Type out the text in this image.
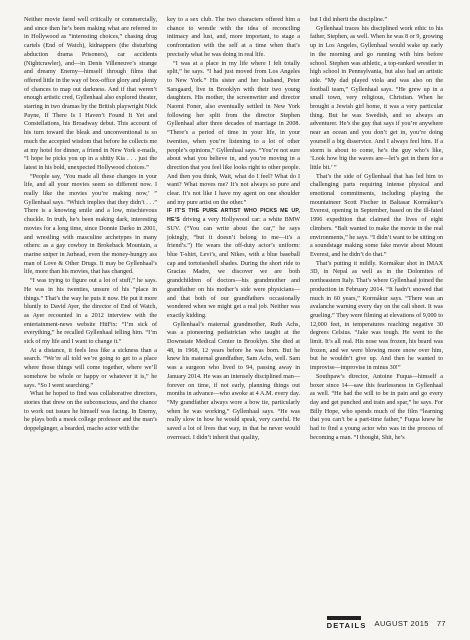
Neither movie fared well critically or commercially, and since then he’s been making what are referred to in Hollywood as “interesting choices,” chasing drug cartels (End of Watch), kidnappers (the disturbing abduction drama Prisoners), car accidents (Nightcrawler), and—in Denis Villeneuve’s strange and dreamy Enemy—himself through films that offered little in the way of box-office glory and plenty of chances to map out darkness. And if that weren’t enough artistic cred, Gyllenhaal also explored theater, starring in two dramas by the British playwright Nick Payne, If There Is I Haven’t Found It Yet and Constellations, his Broadway debut. This account of his turn toward the bleak and unconventional is so much the accepted wisdom that before he collects me at my hotel for dinner, a friend in New York e-mails, “I hope he picks you up in a shitty Kia . . . just the latest in his bold, unexpected Hollywood choices.”

“People say, ‘You made all these changes in your life, and all your movies seem so different now. I really like the movies you’re making now,’ ” Gyllenhaal says. “Which implies that they didn’t . . .” There is a knowing smile and a low, mischievous chuckle. In truth, he’s been making dark, interesting movies for a long time, since Donnie Darko in 2001, and wrestling with masculine archetypes in many others: as a gay cowboy in Brokeback Mountain, a marine sniper in Jarhead, even the money-hungry ass man of Love & Other Drugs. It may be Gyllenhaal’s life, more than his movies, that has changed.

“I was trying to figure out a lot of stuff,” he says. He was in his twenties, unsure of his “place in things.” That’s the way he puts it now. He put it more bluntly to David Ayer, the director of End of Watch, as Ayer recounted in a 2012 interview with the entertainment-news website HitFix: “I’m sick of everything,” he recalled Gyllenhaal telling him. “I’m sick of my life and I want to change it.”

At a distance, it feels less like a sickness than a search. “We’re all told we’re going to get to a place where those things will come together, where we’ll somehow be whole or happy or whatever it is,” he says. “So I went searching.”

What he hoped to find was collaborative directors, stories that drew on the subconscious, and the chance to work out issues he himself was facing. In Enemy, he plays both a meek college professor and the man’s doppelgänger, a bearded, macho actor with the

key to a sex club. The two characters offered him a chance to wrestle with the idea of reconciling intimacy and lust, and, more important, to stage a confrontation with the self at a time when that’s precisely what he was doing in real life.

“I was at a place in my life where I felt totally split,” he says. “I had just moved from Los Angeles to New York.” His sister and her husband, Peter Sarsgaard, live in Brooklyn with their two young daughters. His mother, the screenwriter and director Naomi Foner, also eventually settled in New York following her split from the director Stephen Gyllenhaal after three decades of marriage in 2008. “There’s a period of time in your life, in your twenties, when you’re listening to a lot of other people’s opinions,” Gyllenhaal says. “You’re not sure about what you believe in, and you’re moving in a direction that you feel like looks right to other people. And then you think, Wait, what do I feel? What do I want? What moves me? It’s not always so pure and clear. It’s not like I have my agent on one shoulder and my pure artist on the other.”

IF IT’S THE PURE ARTIST WHO PICKS ME UP, HE’S driving a very Hollywood car: a white BMW SUV. (“You can write about the car,” he says jokingly, “but it doesn’t belong to me—it’s a friend’s.”) He wears the off-duty actor’s uniform: blue T-shirt, Levi’s, and Nikes, with a blue baseball cap and tortoiseshell shades. During the short ride to Gracias Madre, we discover we are both grandchildren of doctors—his grandmother and grandfather on his mother’s side were physicians—and that both of our grandfathers occasionally wondered when we might get a real job. Neither was exactly kidding.

Gyllenhaal’s maternal grandmother, Ruth Achs, was a pioneering pediatrician who taught at the Downstate Medical Center in Brooklyn. She died at 48, in 1968, 12 years before he was born. But he knew his maternal grandfather, Sam Achs, well. Sam was a surgeon who lived to 94, passing away in January 2014. He was an intensely disciplined man—forever on time, if not early, planning things out months in advance—who awoke at 4 A.M. every day. “My grandfather always wore a bow tie, particularly when he was working,” Gyllenhaal says. “He was really slow in how he would speak, very careful. He saved a lot of lives that way, in that he never would overreact. I didn’t inherit that quality,

but I did inherit the discipline.”

Gyllenhaal traces his disciplined work ethic to his father, Stephen, as well. When he was 8 or 9, growing up in Los Angeles, Gyllenhaal would wake up early in the morning and go running with him before school. Stephen was athletic, a top-ranked wrestler in high school in Pennsylvania, but also had an artistic side. “My dad played viola and was also on the football team,” Gyllenhaal says. “He grew up in a small town, very religious, Christian. When he brought a Jewish girl home, it was a very particular thing. But he was Swedish, and so always an adventurer. He’s the guy that says if you’re anywhere near an ocean and you don’t get in, you’re doing yourself a big disservice. And I always feel him. If a storm is about to come, he’s the guy who’s like, ‘Look how big the waves are—let’s get in them for a little bit.’ ”

That’s the side of Gyllenhaal that has led him to challenging parts requiring intense physical and emotional commitments, including playing the mountaineer Scott Fischer in Baltasar Kormákur’s Everest, opening in September, based on the ill-fated 1996 expedition that claimed the lives of eight climbers. “Balt wanted to make the movie in the real environments,” he says. “I didn’t want to be sitting on a soundstage making some fake movie about Mount Everest, and he didn’t do that.”

That’s putting it mildly. Kormákur shot in IMAX 3D, in Nepal as well as in the Dolomites of northeastern Italy. That’s where Gyllenhaal joined the production in February 2014. “It hadn’t snowed that much in 60 years,” Kormákur says. “There was an avalanche warning every day on the call sheet. It was grueling.” They were filming at elevations of 9,000 to 12,000 feet, in temperatures reaching negative 30 degrees Celsius. “Jake was tough. He went to the limit. It’s all real. His nose was frozen, his beard was frozen, and we were blowing more snow over him, but he wouldn’t give up. And then he wanted to improvise—improvise in minus 30!”

Southpaw’s director, Antoine Fuqua—himself a boxer since 14—saw this fearlessness in Gyllenhaal as well. “He had the will to be in pain and go every day and get punched and train and spar,” he says. For Billy Hope, who spends much of the film “learning that you can’t be a part-time father,” Fuqua knew he had to find a young actor who was in the process of becoming a man. “I thought, Shit, he’s

DETAILS AUGUST 2015 77
